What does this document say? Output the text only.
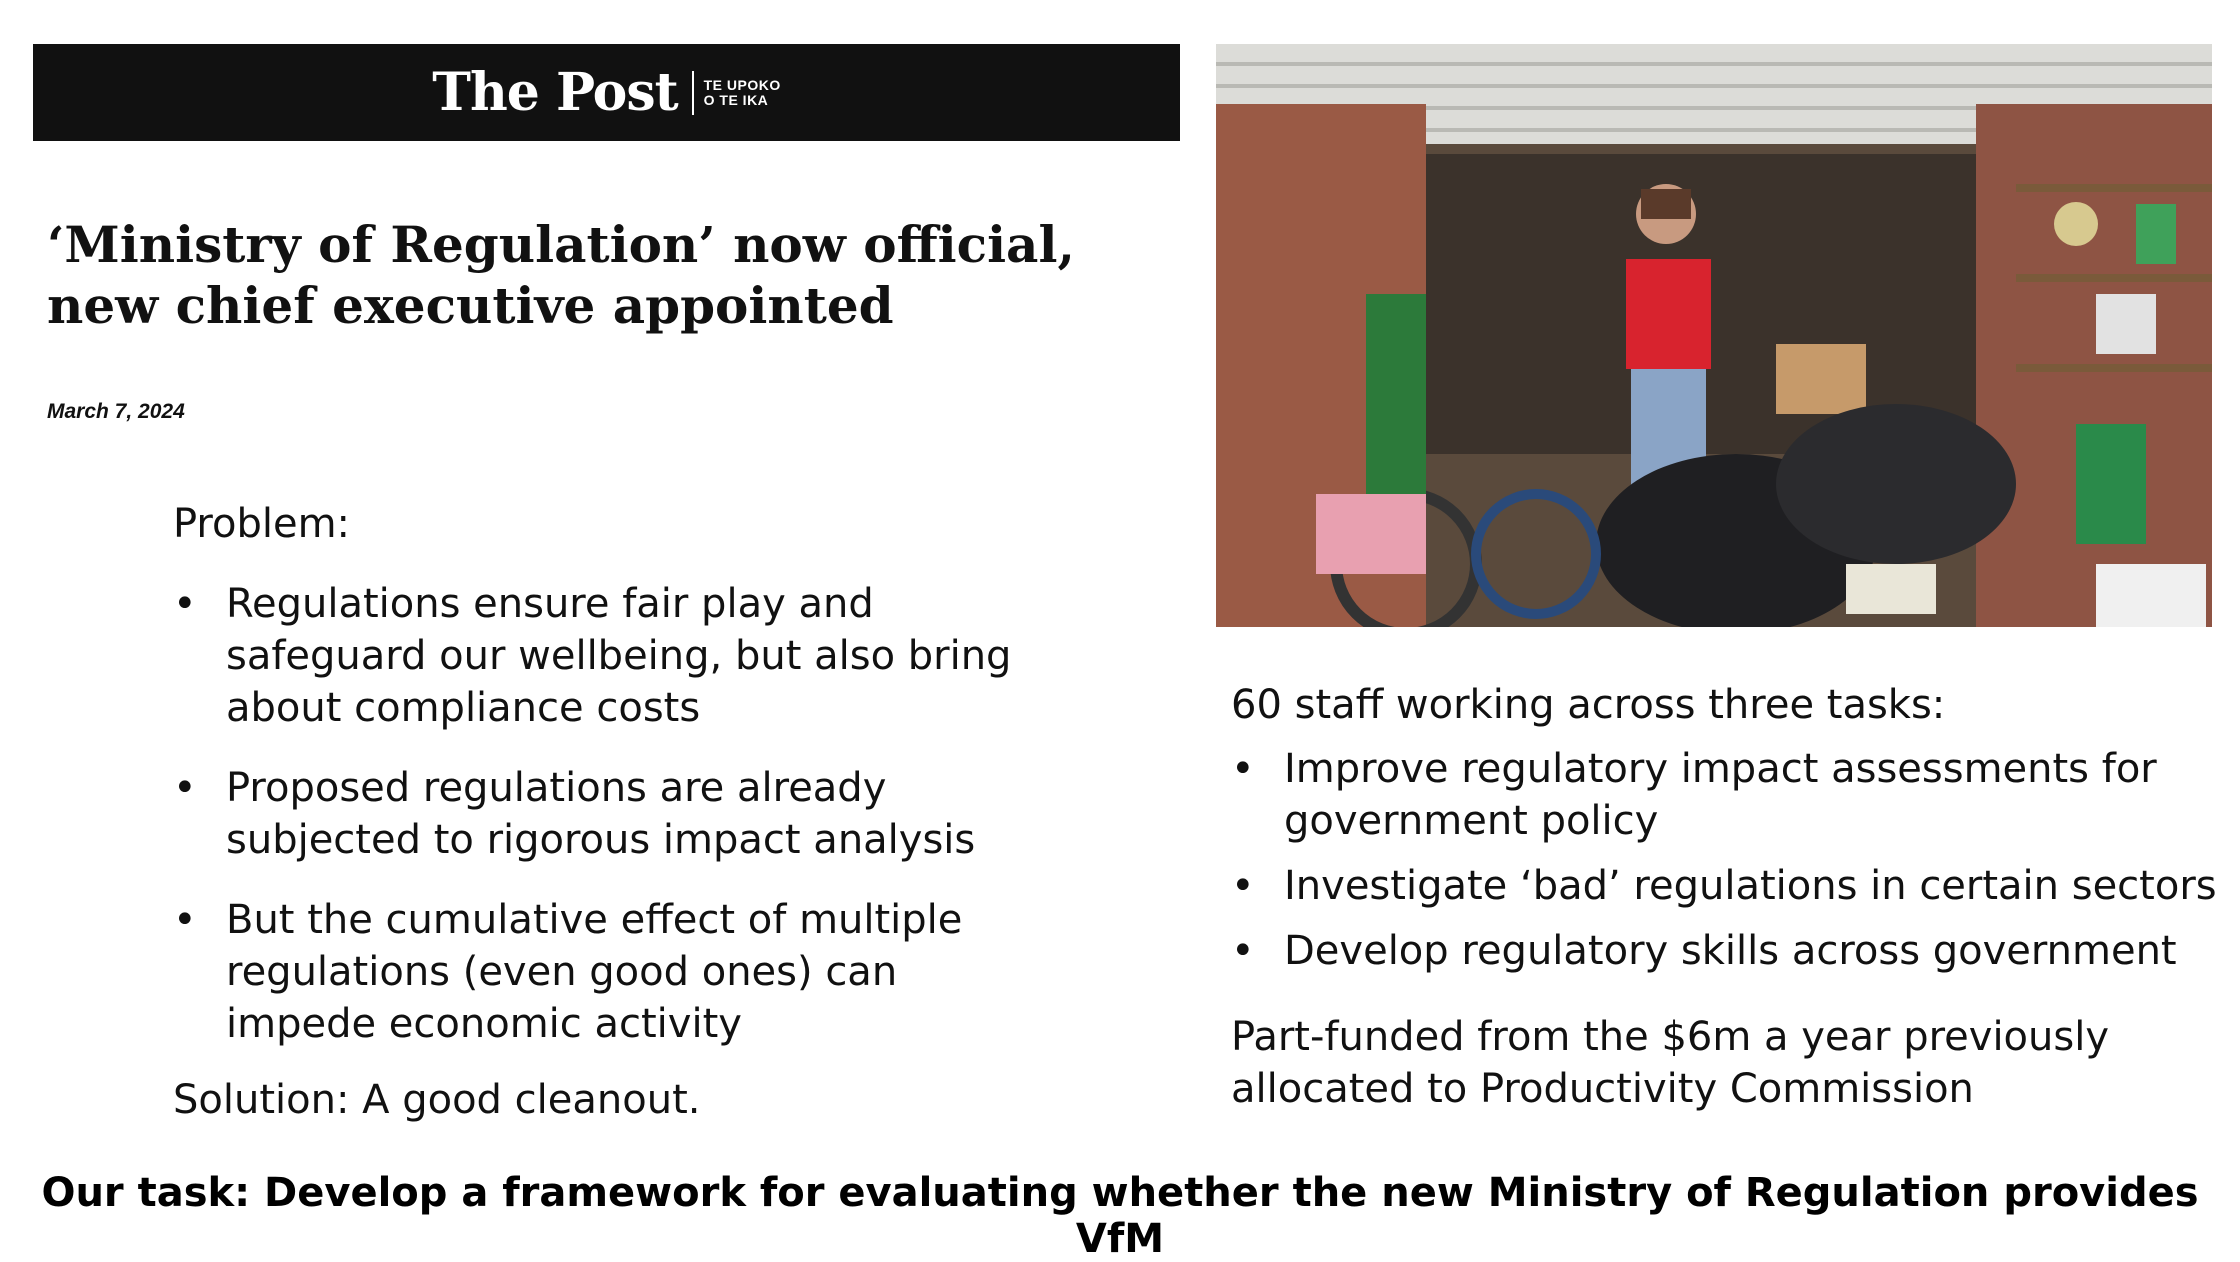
The Post TE UPOKO
O TE IKA
‘Ministry of Regulation’ now official, new chief executive appointed
March 7, 2024

Problem:

• Regulations ensure fair play and safeguard our wellbeing, but also bring about compliance costs
• Proposed regulations are already subjected to rigorous impact analysis
• But the cumulative effect of multiple regulations (even good ones) can impede economic activity

Solution: A good cleanout.

60 staff working across three tasks:

• Improve regulatory impact assessments for government policy
• Investigate ‘bad’ regulations in certain sectors
• Develop regulatory skills across government

Part-funded from the $6m a year previously allocated to Productivity Commission

Our task: Develop a framework for evaluating whether the new Ministry of Regulation provides VfM
